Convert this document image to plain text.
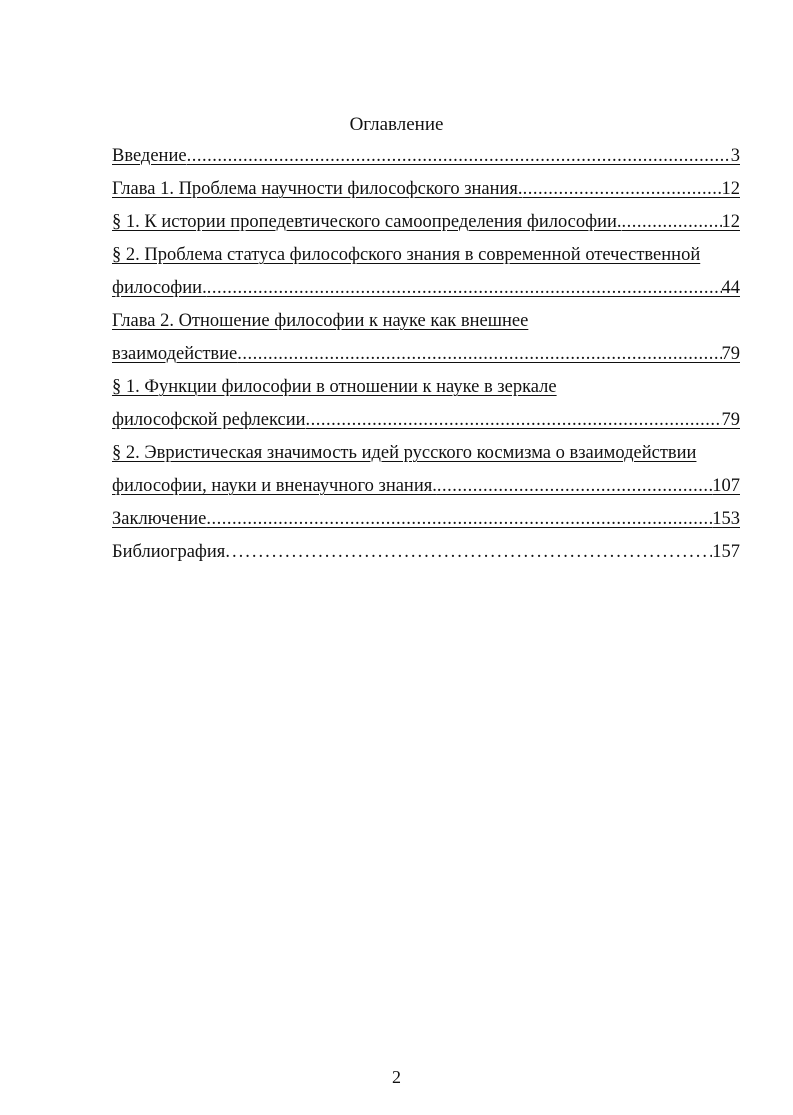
Оглавление
Введение .....	3
Глава 1. Проблема научности философского знания. .....	12
§ 1. К истории пропедевтического самоопределения философии. .....	12
§ 2. Проблема статуса философского знания в современной отечественной
философии. .....	44
Глава 2. Отношение философии к науке как внешнее
взаимодействие .....	79
§ 1. Функции философии в отношении к науке в зеркале
философской рефлексии .....	79
§ 2. Эвристическая значимость идей русского космизма о взаимодействии
философии, науки и вненаучного знания. .....	107
Заключение .....	153
Библиография .....	157
2
